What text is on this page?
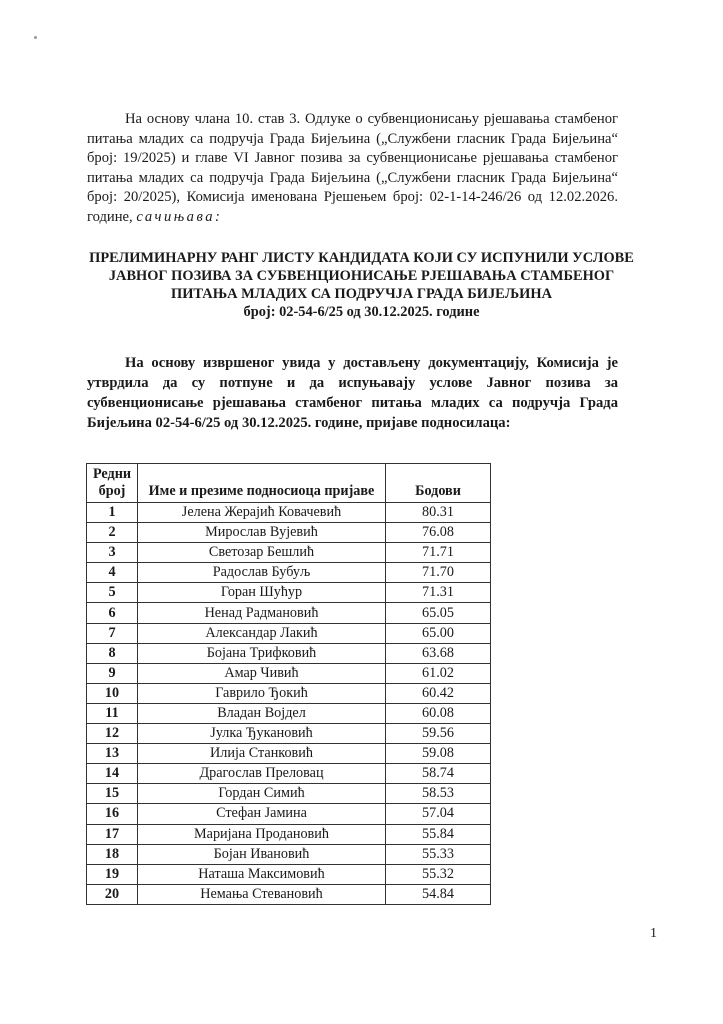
На основу члана 10. став 3. Одлуке о субвенционисању рјешавања стамбеног питања младих са подручја Града Бијељина („Службени гласник Града Бијељина“ број: 19/2025) и главе VI Јавног позива за субвенционисање рјешавања стамбеног питања младих са подручја Града Бијељина („Службени гласник Града Бијељина“ број: 20/2025), Комисија именована Рјешењем број: 02-1-14-246/26 од 12.02.2026. године, сачињава:

ПРЕЛИМИНАРНУ РАНГ ЛИСТУ КАНДИДАТА КОЈИ СУ ИСПУНИЛИ УСЛОВЕ
ЈАВНОГ ПОЗИВА ЗА СУБВЕНЦИОНИСАЊЕ РЈЕШАВАЊА СТАМБЕНОГ
ПИТАЊА МЛАДИХ СА ПОДРУЧЈА ГРАДА БИЈЕЉИНА
број: 02-54-6/25 од 30.12.2025. године

На основу извршеног увида у достављену документацију, Комисија је утврдила да су потпуне и да испуњавају услове Јавног позива за субвенционисање рјешавања стамбеног питања младих са подручја Града Бијељина 02-54-6/25 од 30.12.2025. године, пријаве подносилаца:

Редни
број	Име и презиме подносиоца пријаве	Бодови
1	Јелена Жерајић Ковачевић	80.31
2	Мирослав Вујевић	76.08
3	Светозар Бешлић	71.71
4	Радослав Бубуљ	71.70
5	Горан Шућур	71.31
6	Ненад Радмановић	65.05
7	Александар Лакић	65.00
8	Бојана Трифковић	63.68
9	Амар Чивић	61.02
10	Гаврило Ђокић	60.42
11	Владан Војдел	60.08
12	Јулка Ђукановић	59.56
13	Илија Станковић	59.08
14	Драгослав Преловац	58.74
15	Гордан Симић	58.53
16	Стефан Јамина	57.04
17	Маријана Продановић	55.84
18	Бојан Ивановић	55.33
19	Наташа Максимовић	55.32
20	Немања Стевановић	54.84
1
